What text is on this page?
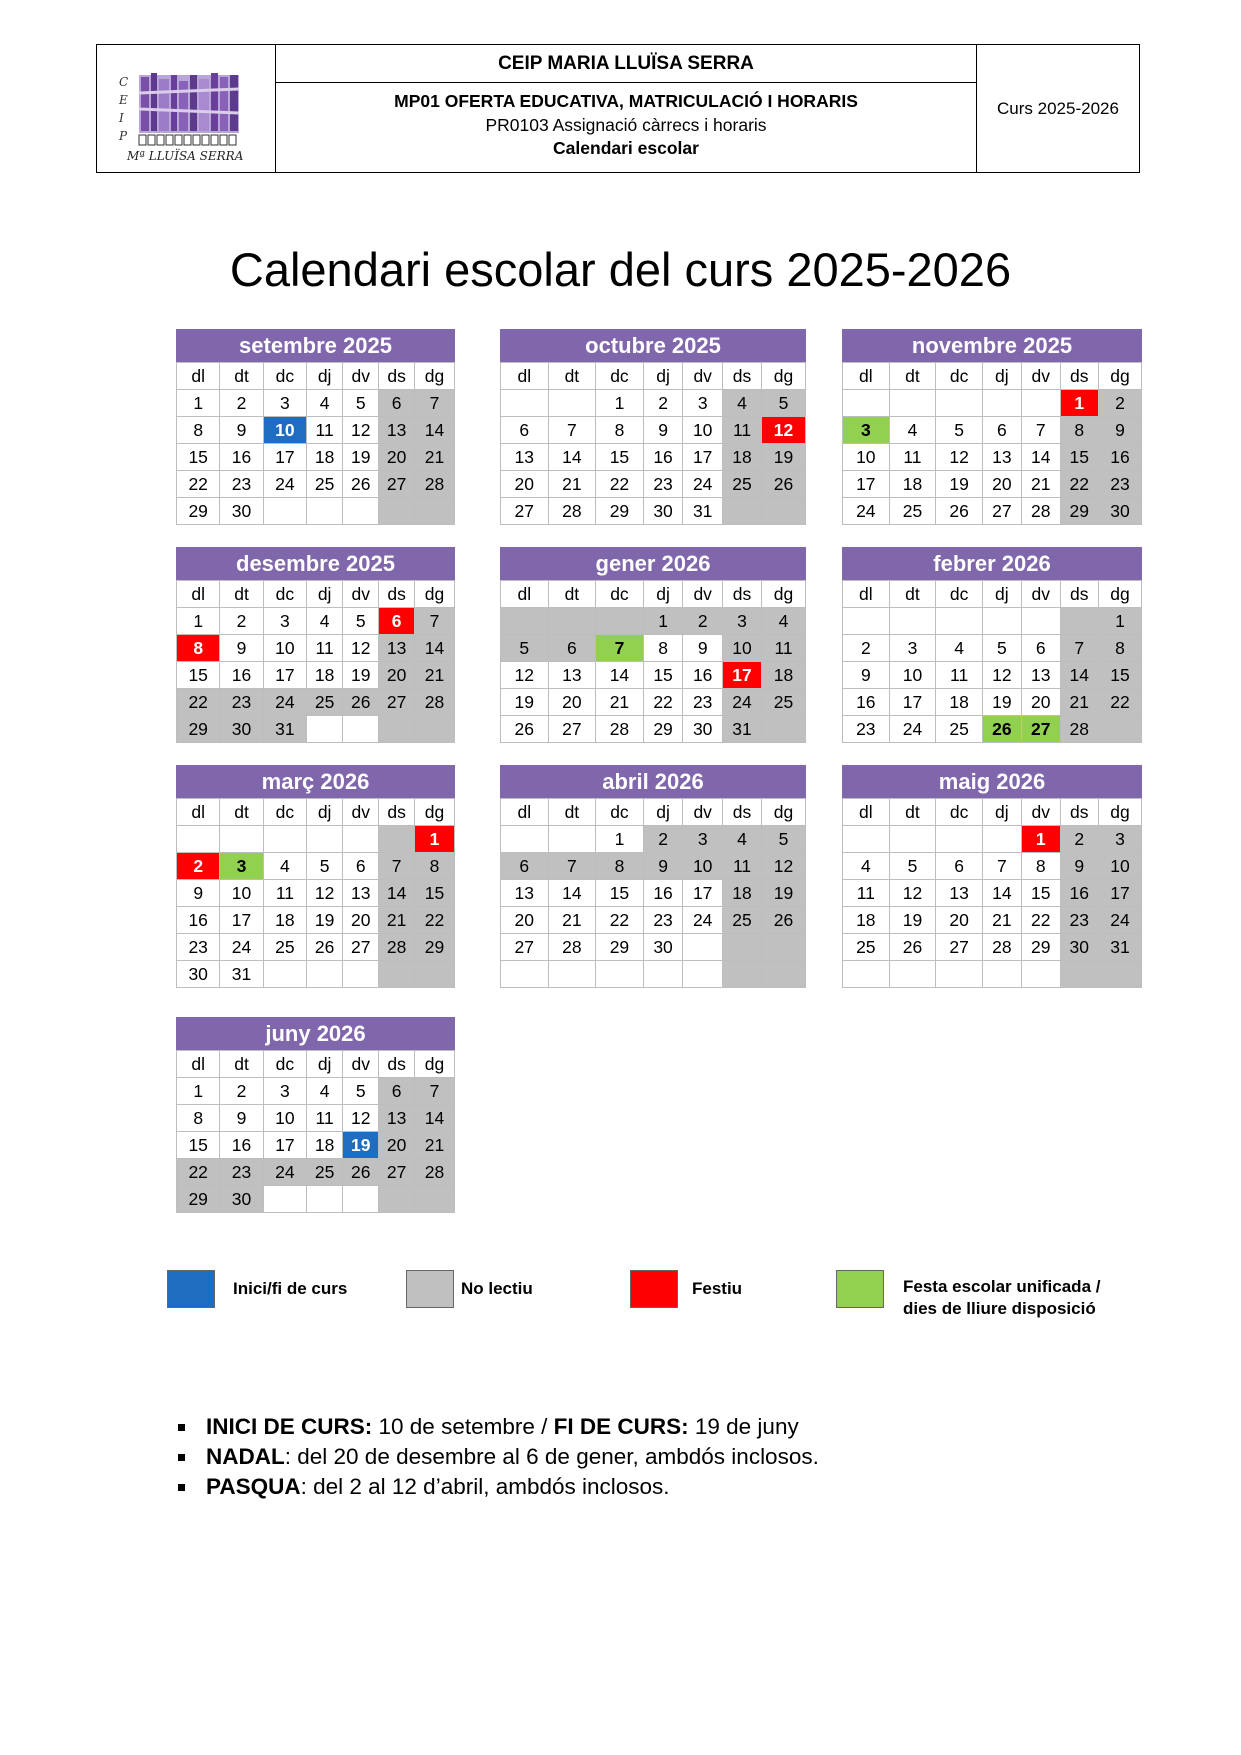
C
E
I
P
Mª LLUÏSA SERRA
CEIP MARIA LLUÏSA SERRA
MP01 OFERTA EDUCATIVA, MATRICULACIÓ I HORARIS
PR0103 Assignació càrrecs i horaris
Calendari escolar
Curs 2025-2026
Calendari escolar del curs 2025-2026
setembre 2025
dl	dt	dc	dj	dv	ds	dg
1	2	3	4	5	6	7
8	9	10	11	12	13	14
15	16	17	18	19	20	21
22	23	24	25	26	27	28
29	30					
octubre 2025
dl	dt	dc	dj	dv	ds	dg
		1	2	3	4	5
6	7	8	9	10	11	12
13	14	15	16	17	18	19
20	21	22	23	24	25	26
27	28	29	30	31		
novembre 2025
dl	dt	dc	dj	dv	ds	dg
					1	2
3	4	5	6	7	8	9
10	11	12	13	14	15	16
17	18	19	20	21	22	23
24	25	26	27	28	29	30
desembre 2025
dl	dt	dc	dj	dv	ds	dg
1	2	3	4	5	6	7
8	9	10	11	12	13	14
15	16	17	18	19	20	21
22	23	24	25	26	27	28
29	30	31				
gener 2026
dl	dt	dc	dj	dv	ds	dg
			1	2	3	4
5	6	7	8	9	10	11
12	13	14	15	16	17	18
19	20	21	22	23	24	25
26	27	28	29	30	31	
febrer 2026
dl	dt	dc	dj	dv	ds	dg
						1
2	3	4	5	6	7	8
9	10	11	12	13	14	15
16	17	18	19	20	21	22
23	24	25	26	27	28	
març 2026
dl	dt	dc	dj	dv	ds	dg
						1
2	3	4	5	6	7	8
9	10	11	12	13	14	15
16	17	18	19	20	21	22
23	24	25	26	27	28	29
30	31					
abril 2026
dl	dt	dc	dj	dv	ds	dg
		1	2	3	4	5
6	7	8	9	10	11	12
13	14	15	16	17	18	19
20	21	22	23	24	25	26
27	28	29	30			

maig 2026
dl	dt	dc	dj	dv	ds	dg
				1	2	3
4	5	6	7	8	9	10
11	12	13	14	15	16	17
18	19	20	21	22	23	24
25	26	27	28	29	30	31

juny 2026
dl	dt	dc	dj	dv	ds	dg
1	2	3	4	5	6	7
8	9	10	11	12	13	14
15	16	17	18	19	20	21
22	23	24	25	26	27	28
29	30					
Inici/fi de curs	No lectiu	Festiu	Festa escolar unificada / dies de lliure disposició
INICI DE CURS: 10 de setembre / FI DE CURS: 19 de juny
NADAL: del 20 de desembre al 6 de gener, ambdós inclosos.
PASQUA: del 2 al 12 d’abril, ambdós inclosos.
